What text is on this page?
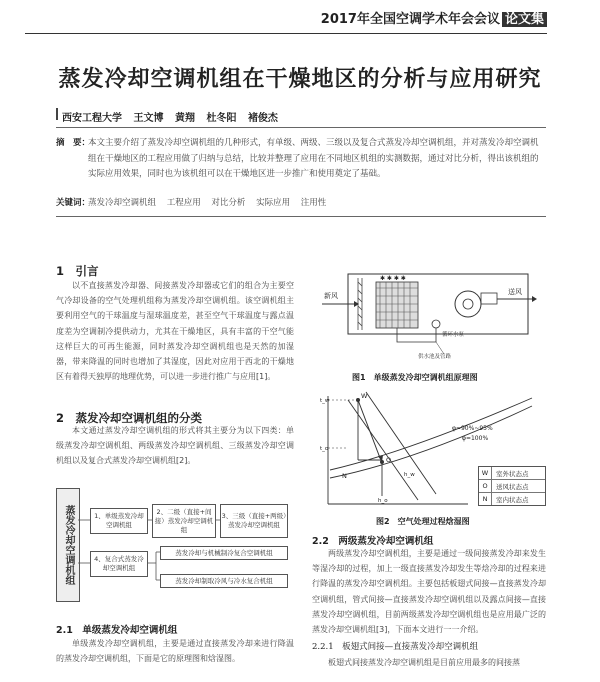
2017年全国空调学术年会会议 论文集
蒸发冷却空调机组在干燥地区的分析与应用研究
西安工程大学 王文博 黄翔 杜冬阳 褚俊杰
摘　要：
本文主要介绍了蒸发冷却空调机组的几种形式，有单级、两级、三级以及复合式蒸发冷却空调机组，并对蒸发冷却空调机组在干燥地区的工程应用做了归纳与总结，比较并整理了应用在不同地区机组的实测数据，通过对比分析，得出该机组的实际应用效果，同时也为该机组可以在干燥地区进一步推广和使用奠定了基础。
关键词：
蒸发冷却空调机组 工程应用 对比分析 实际应用 注用性
1　引言
以不直接蒸发冷却器、间接蒸发冷却器或它们的组合为主要空气冷却设备的空气处理机组称为蒸发冷却空调机组。该空调机组主要利用空气的干球温度与湿球温度差，甚至空气干球温度与露点温度差为空调制冷提供动力，尤其在干燥地区，具有丰富的干空气能这样巨大的可再生能源，同时蒸发冷却空调机组也是天然的加湿器，带来降温的同时也增加了其湿度，因此对应用于西北的干燥地区有着得天独厚的地理优势，可以进一步进行推广与应用[1]。
2　蒸发冷却空调机组的分类
本文通过蒸发冷却空调机组的形式将其主要分为以下四类：单级蒸发冷却空调机组、两级蒸发冷却空调机组、三级蒸发冷却空调机组以及复合式蒸发冷却空调机组[2]。
蒸发冷却空调机组	1、单级蒸发冷却空调机组
2、二级（直接+间接）蒸发冷却空调机组
3、三级（直接+两级）蒸发冷却空调机组
4、复合式蒸发冷却空调机组
蒸发冷却与机械制冷复合空调机组
蒸发冷却制取冷风与冷水复合机组
2.1　单级蒸发冷却空调机组
单级蒸发冷却空调机组，主要是通过直接蒸发冷却来进行降温的蒸发冷却空调机组，下面是它的原理图和焓湿图。
✱ ✱ ✱ ✱
新风	送风
循环水泵
供水池及管路
图1　单级蒸发冷却空调机组原理图
W
O
t_w
t_o
h_o
h_w
N
φ=90%~95%
φ=100%
W	室外状态点
O	送风状态点
N	室内状态点
图2　空气处理过程焓湿图
2.2　两级蒸发冷却空调机组
两级蒸发冷却空调机组，主要是通过一级间接蒸发冷却来发生等湿冷却的过程，加上一级直接蒸发冷却发生等焓冷却的过程来进行降温的蒸发冷却空调机组。主要包括板翅式间接—直接蒸发冷却空调机组，管式间接—直接蒸发冷却空调机组以及露点间接—直接蒸发冷却空调机组，目前两级蒸发冷却空调机组也是应用最广泛的蒸发冷却空调机组[3]，下面本文进行一一介绍。
2.2.1　板翅式间接—直接蒸发冷却空调机组
板翅式间接蒸发冷却空调机组是目前应用最多的间接蒸
